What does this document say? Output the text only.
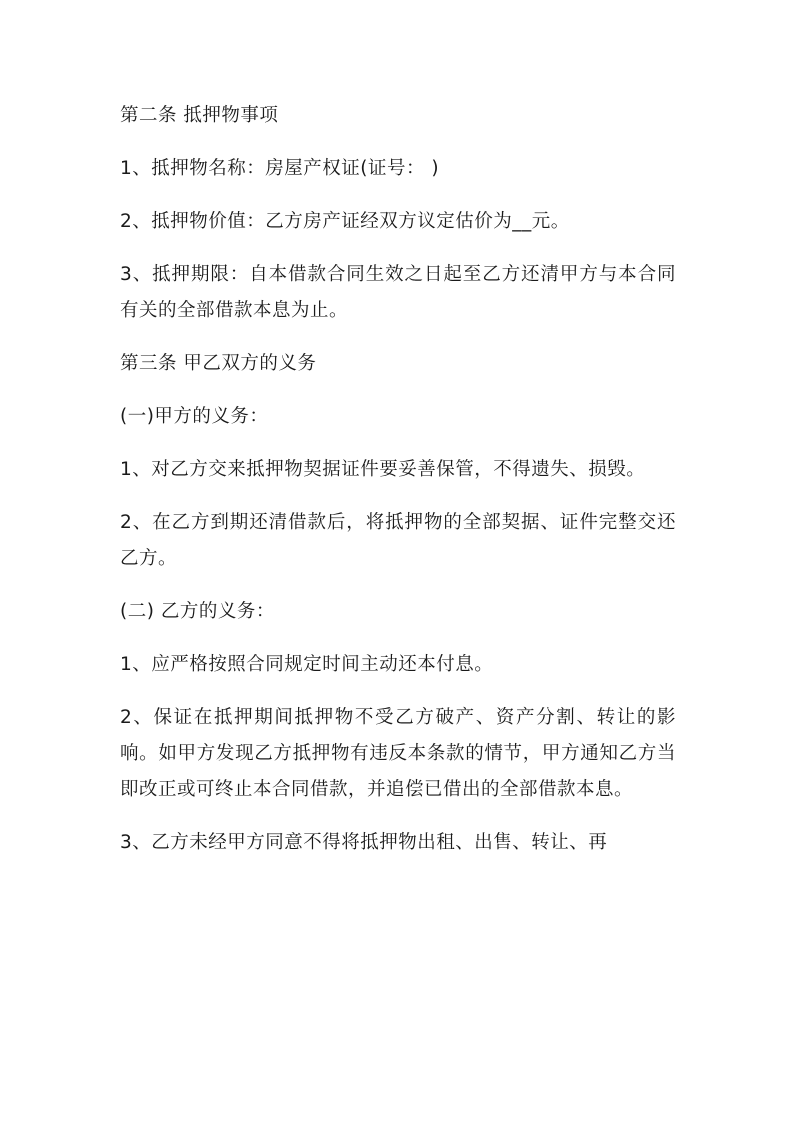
第二条 抵押物事项

1、抵押物名称：房屋产权证(证号： )

2、抵押物价值：乙方房产证经双方议定估价为__元。

3、抵押期限：自本借款合同生效之日起至乙方还清甲方与本合同有关的全部借款本息为止。

第三条 甲乙双方的义务

(一)甲方的义务：

1、对乙方交来抵押物契据证件要妥善保管，不得遗失、损毁。

2、在乙方到期还清借款后，将抵押物的全部契据、证件完整交还乙方。

(二) 乙方的义务：

1、应严格按照合同规定时间主动还本付息。

2、保证在抵押期间抵押物不受乙方破产、资产分割、转让的影响。如甲方发现乙方抵押物有违反本条款的情节，甲方通知乙方当即改正或可终止本合同借款，并追偿已借出的全部借款本息。

3、乙方未经甲方同意不得将抵押物出租、出售、转让、再
